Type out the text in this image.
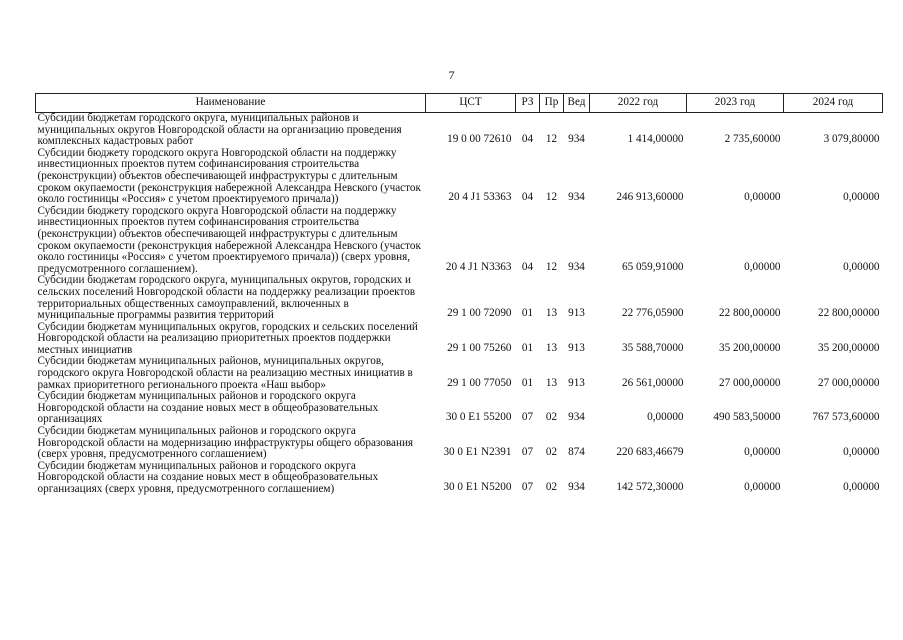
7
Наименование	ЦСТ	РЗ	Пр	Вед	2022 год	2023 год	2024 год
Субсидии бюджетам городского округа, муниципальных районов и муниципальных округов Новгородской области на организацию проведения комплексных кадастровых работ	19 0 00 72610	04	12	934	1 414,00000	2 735,60000	3 079,80000
Субсидии бюджету городского округа Новгородской области на поддержку инвестиционных проектов путем софинансирования строительства (реконструкции) объектов обеспечивающей инфраструктуры с длительным сроком окупаемости (реконструкция набережной Александра Невского (участок около гостиницы «Россия» с учетом проектируемого причала))	20 4 J1 53363	04	12	934	246 913,60000	0,00000	0,00000
Субсидии бюджету городского округа Новгородской области на поддержку инвестиционных проектов путем софинансирования строительства (реконструкции) объектов обеспечивающей инфраструктуры с длительным сроком окупаемости (реконструкция набережной Александра Невского (участок около гостиницы «Россия» с учетом проектируемого причала)) (сверх уровня, предусмотренного соглашением).	20 4 J1 N3363	04	12	934	65 059,91000	0,00000	0,00000
Субсидии бюджетам городского округа, муниципальных округов, городских и сельских поселений Новгородской области на поддержку реализации проектов территориальных общественных самоуправлений, включенных в муниципальные программы развития территорий	29 1 00 72090	01	13	913	22 776,05900	22 800,00000	22 800,00000
Субсидии бюджетам муниципальных округов, городских и сельских поселений Новгородской области на реализацию приоритетных проектов поддержки местных инициатив	29 1 00 75260	01	13	913	35 588,70000	35 200,00000	35 200,00000
Субсидии бюджетам муниципальных районов, муниципальных округов, городского округа Новгородской области на реализацию местных инициатив в рамках приоритетного регионального проекта «Наш выбор»	29 1 00 77050	01	13	913	26 561,00000	27 000,00000	27 000,00000
Субсидии бюджетам муниципальных районов и городского округа Новгородской области на создание новых мест в общеобразовательных организациях	30 0 E1 55200	07	02	934	0,00000	490 583,50000	767 573,60000
Субсидии бюджетам муниципальных районов и городского округа Новгородской области на модернизацию инфраструктуры общего образования (сверх уровня, предусмотренного соглашением)	30 0 E1 N2391	07	02	874	220 683,46679	0,00000	0,00000
Субсидии бюджетам муниципальных районов и городского округа Новгородской области на создание новых мест в общеобразовательных организациях (сверх уровня, предусмотренного соглашением)	30 0 E1 N5200	07	02	934	142 572,30000	0,00000	0,00000
